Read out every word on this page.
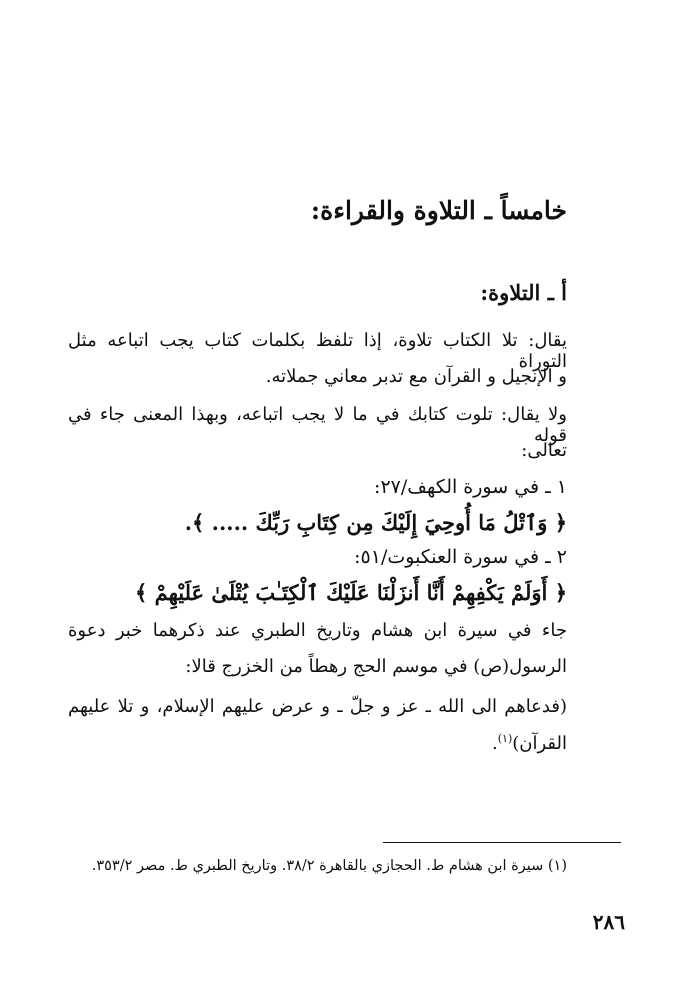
خامساً ـ التلاوة والقراءة:
أ ـ التلاوة:
يقال: تلا الكتاب تلاوة، إذا تلفظ بكلمات كتاب يجب اتباعه مثل التوراة
و الإنجيل و القرآن مع تدبر معاني جملاته.
ولا يقال: تلوت كتابك في ما لا يجب اتباعه، وبهذا المعنى جاء في قوله
تعالى:
١ ـ في سورة الكهف/٢٧:
﴿ وَٱتْلُ مَا أُوحِيَ إِلَيْكَ مِن كِتَابِ رَبِّكَ ..... ﴾.
٢ ـ في سورة العنكبوت/٥١:
﴿ أَوَلَمْ يَكْفِهِمْ أَنَّا أَنزَلْنَا عَلَيْكَ ٱلْكِتَـٰبَ يُتْلَىٰ عَلَيْهِمْ ﴾
جاء في سيرة ابن هشام وتاريخ الطبري عند ذكرهما خبر دعوة
الرسول(ص) في موسم الحج رهطاً من الخزرج قالا:
(فدعاهم الى الله ـ عز و جلّ ـ و عرض عليهم الإسلام، و تلا عليهم
القرآن)$^{(١)}$.
(١) سيرة ابن هشام ط. الحجازي بالقاهرة ٣٨/٢. وتاريخ الطبري ط. مصر ٣٥٣/٢.
٢٨٦
